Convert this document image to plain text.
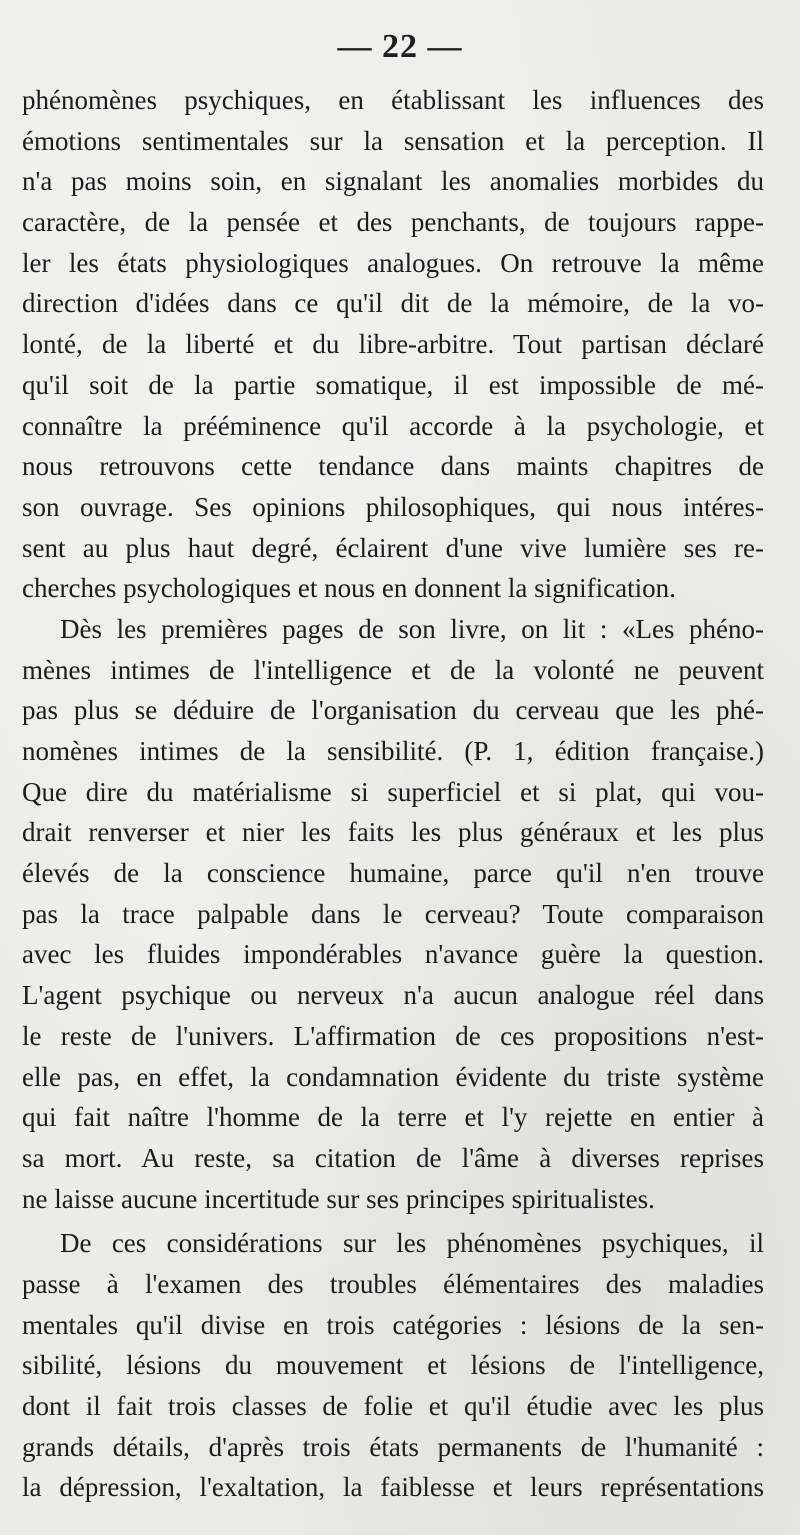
— 22 —
phénomènes psychiques, en établissant les influences des
émotions sentimentales sur la sensation et la perception. Il
n'a pas moins soin, en signalant les anomalies morbides du
caractère, de la pensée et des penchants, de toujours rappe-
ler les états physiologiques analogues. On retrouve la même
direction d'idées dans ce qu'il dit de la mémoire, de la vo-
lonté, de la liberté et du libre-arbitre. Tout partisan déclaré
qu'il soit de la partie somatique, il est impossible de mé-
connaître la prééminence qu'il accorde à la psychologie, et
nous retrouvons cette tendance dans maints chapitres de
son ouvrage. Ses opinions philosophiques, qui nous intéres-
sent au plus haut degré, éclairent d'une vive lumière ses re-
cherches psychologiques et nous en donnent la signification.
Dès les premières pages de son livre, on lit : «Les phéno-
mènes intimes de l'intelligence et de la volonté ne peuvent
pas plus se déduire de l'organisation du cerveau que les phé-
nomènes intimes de la sensibilité. (P. 1, édition française.)
Que dire du matérialisme si superficiel et si plat, qui vou-
drait renverser et nier les faits les plus généraux et les plus
élevés de la conscience humaine, parce qu'il n'en trouve
pas la trace palpable dans le cerveau? Toute comparaison
avec les fluides impondérables n'avance guère la question.
L'agent psychique ou nerveux n'a aucun analogue réel dans
le reste de l'univers. L'affirmation de ces propositions n'est-
elle pas, en effet, la condamnation évidente du triste système
qui fait naître l'homme de la terre et l'y rejette en entier à
sa mort. Au reste, sa citation de l'âme à diverses reprises
ne laisse aucune incertitude sur ses principes spiritualistes.
De ces considérations sur les phénomènes psychiques, il
passe à l'examen des troubles élémentaires des maladies
mentales qu'il divise en trois catégories : lésions de la sen-
sibilité, lésions du mouvement et lésions de l'intelligence,
dont il fait trois classes de folie et qu'il étudie avec les plus
grands détails, d'après trois états permanents de l'humanité :
la dépression, l'exaltation, la faiblesse et leurs représentations
